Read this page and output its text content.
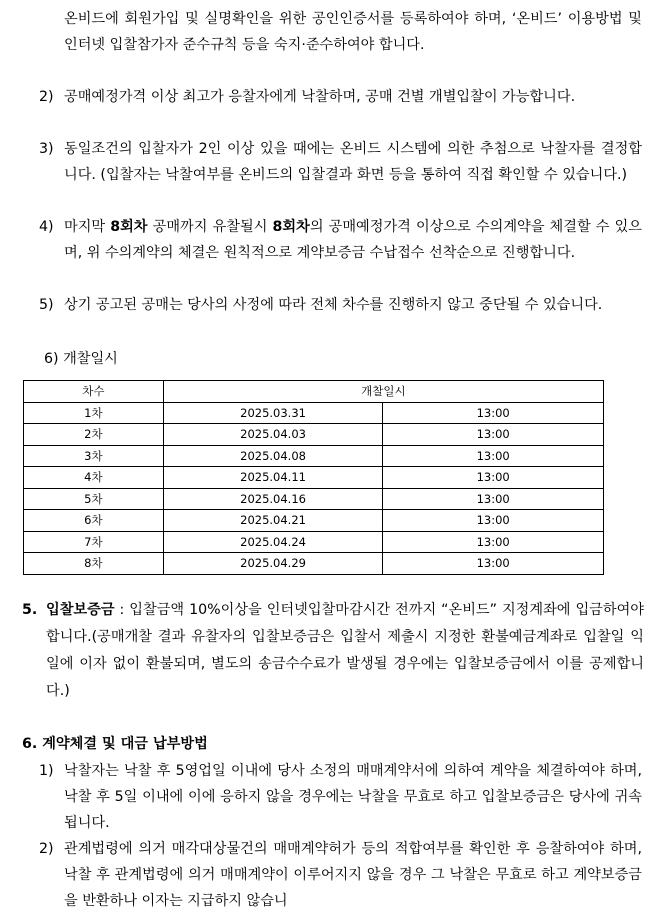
온비드에 회원가입 및 실명확인을 위한 공인인증서를 등록하여야 하며, ‘온비드’ 이용방법 및 인터넷 입찰참가자 준수규칙 등을 숙지·준수하여야 합니다.

2) 공매예정가격 이상 최고가 응찰자에게 낙찰하며, 공매 건별 개별입찰이 가능합니다.

3) 동일조건의 입찰자가 2인 이상 있을 때에는 온비드 시스템에 의한 추첨으로 낙찰자를 결정합니다. (입찰자는 낙찰여부를 온비드의 입찰결과 화면 등을 통하여 직접 확인할 수 있습니다.)

4) 마지막 8회차 공매까지 유찰될시 8회차의 공매예정가격 이상으로 수의계약을 체결할 수 있으며, 위 수의계약의 체결은 원칙적으로 계약보증금 수납접수 선착순으로 진행합니다.

5) 상기 공고된 공매는 당사의 사정에 따라 전체 차수를 진행하지 않고 중단될 수 있습니다.

6) 개찰일시
차수	개찰일시	
1차	2025.03.31	13:00
2차	2025.04.03	13:00
3차	2025.04.08	13:00
4차	2025.04.11	13:00
5차	2025.04.16	13:00
6차	2025.04.21	13:00
7차	2025.04.24	13:00
8차	2025.04.29	13:00
5. 입찰보증금 : 입찰금액 10%이상을 인터넷입찰마감시간 전까지 “온비드” 지정계좌에 입금하여야 합니다.(공매개찰 결과 유찰자의 입찰보증금은 입찰서 제출시 지정한 환불예금계좌로 입찰일 익일에 이자 없이 환불되며, 별도의 송금수수료가 발생될 경우에는 입찰보증금에서 이를 공제합니다.)
6. 계약체결 및 대금 납부방법
1) 낙찰자는 낙찰 후 5영업일 이내에 당사 소정의 매매계약서에 의하여 계약을 체결하여야 하며, 낙찰 후 5일 이내에 이에 응하지 않을 경우에는 낙찰을 무효로 하고 입찰보증금은 당사에 귀속됩니다.

2) 관계법령에 의거 매각대상물건의 매매계약허가 등의 적합여부를 확인한 후 응찰하여야 하며, 낙찰 후 관계법령에 의거 매매계약이 이루어지지 않을 경우 그 낙찰은 무효로 하고 계약보증금을 반환하나 이자는 지급하지 않습니
